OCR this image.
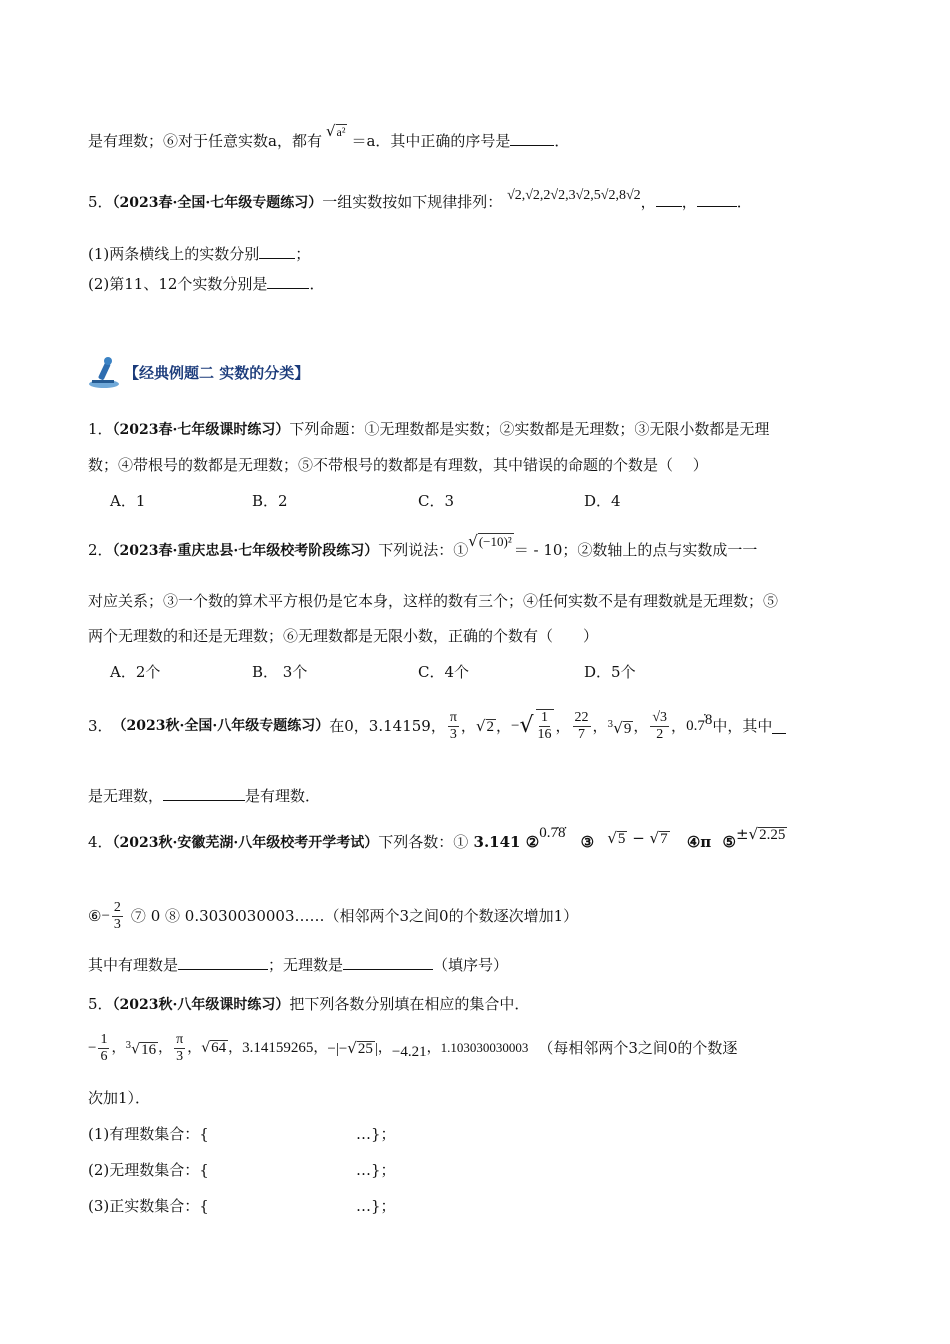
是有理数；⑥对于任意实数a，都有√a² ＝a．其中正确的序号是	．
5．（2023春·全国·七年级专题练习）一组实数按如下规律排列： √2,√2,2√2,3√2,5√2,8√2， ，	．
(1)两条横线上的实数分别 ；
(2)第11、12个实数分别是	．
【经典例题二 实数的分类】
1．（2023春·七年级课时练习）下列命题：①无理数都是实数；②实数都是无理数；③无限小数都是无理
数；④带根号的数都是无理数；⑤不带根号的数都是有理数，其中错误的命题的个数是（　 ）
A．1	B．2	C．3	D．4
2．（2023春·重庆忠县·七年级校考阶段练习）下列说法：①√(−10)² ＝ - 10；②数轴上的点与实数成一一
对应关系；③一个数的算术平方根仍是它本身，这样的数有三个；④任何实数不是有理数就是无理数；⑤
两个无理数的和还是无理数；⑥无理数都是无限小数，正确的个数有（　　）
A．2个	B． 3个	C．4个	D．5个
3． （2023秋·全国·八年级专题练习） 在0，3.14159， $\frac{\pi}{3}$ ， √2 ， − √ $\frac{1}{16}$ ， $\frac{22}{7}$ ， $^3$√9 ， $\frac{√3}{2}$ ， 0.7 ̇8 中，其中
是无理数，	是有理数．
4．（2023秋·安徽芜湖·八年级校考开学考试）下列各数：① 3.141 ②0.7̇8̇ ③ √5 − √7 ④π ⑤±√2.25
⑥ − $\frac{2}{3}$ ⑦ 0 ⑧ 0.3030030003……（相邻两个3之间0的个数逐次增加1）
其中有理数是	；无理数是	（填序号）
5．（2023秋·八年级课时练习）把下列各数分别填在相应的集合中．
− $\frac{1}{6}$ ， $^3$√16 ， $\frac{\pi}{3}$ ， √64 ， 3.14159265 ， −|−√25 | ， −4.21 ， 1.103030030003 （每相邻两个3之间0的个数逐
次加1）．
(1)有理数集合：{	…}；
(2)无理数集合：{	…}；
(3)正实数集合：{	…}；
